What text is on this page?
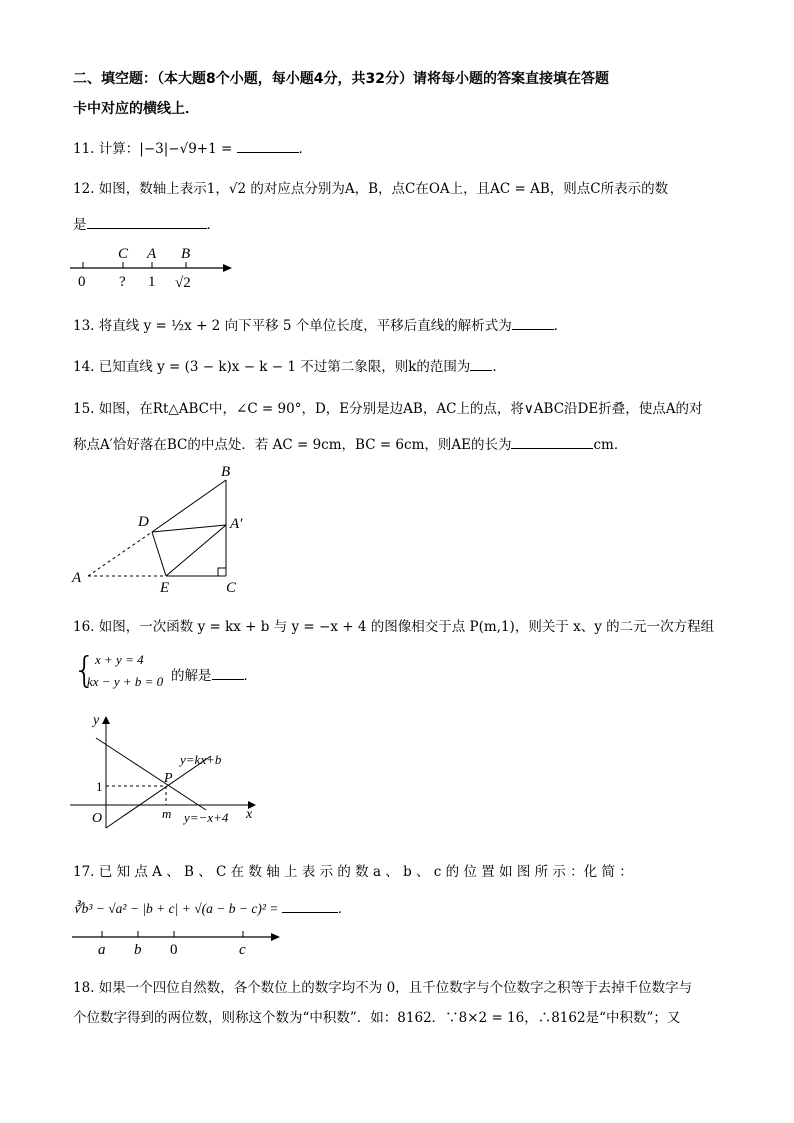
二、填空题：（本大题8个小题，每小题4分，共32分）请将每小题的答案直接填在答题
卡中对应的横线上．
11. 计算：|−3|−√9+1 =	．
12. 如图，数轴上表示1，√2 的对应点分别为A，B，点C在OA上，且AC = AB，则点C所表示的数
是	．
C A B
0 ? 1 √2
13. 将直线 y = ½x + 2 向下平移 5 个单位长度，平移后直线的解析式为	．
14. 已知直线 y = (3 − k)x − k − 1 不过第二象限，则k的范围为 ．
15. 如图，在Rt△ABC中，∠C = 90°，D，E分别是边AB，AC上的点，将∨ABC沿DE折叠，使点A的对
称点A′恰好落在BC的中点处．若 AC = 9cm，BC = 6cm，则AE的长为	cm．
B
D	A′
A
E	C
16. 如图，一次函数 y = kx + b 与 y = −x + 4 的图像相交于点 P(m,1)，则关于 x、y 的二元一次方程组
{ x + y = 4
kx − y + b = 0 的解是 ．
y
y=kx+b
1
P
O	m y=−x+4 x
17. 已 知 点 A 、 B 、 C 在 数 轴 上 表 示 的 数 a 、 b 、 c 的 位 置 如 图 所 示 ：化 简 ：
∛b³ − √a² − |b + c| + √(a − b − c)² =	．
a b 0	c
18. 如果一个四位自然数，各个数位上的数字均不为 0，且千位数字与个位数字之积等于去掉千位数字与
个位数字得到的两位数，则称这个数为“中积数”．如：8162．∵8×2 = 16，∴8162是“中积数”；又
